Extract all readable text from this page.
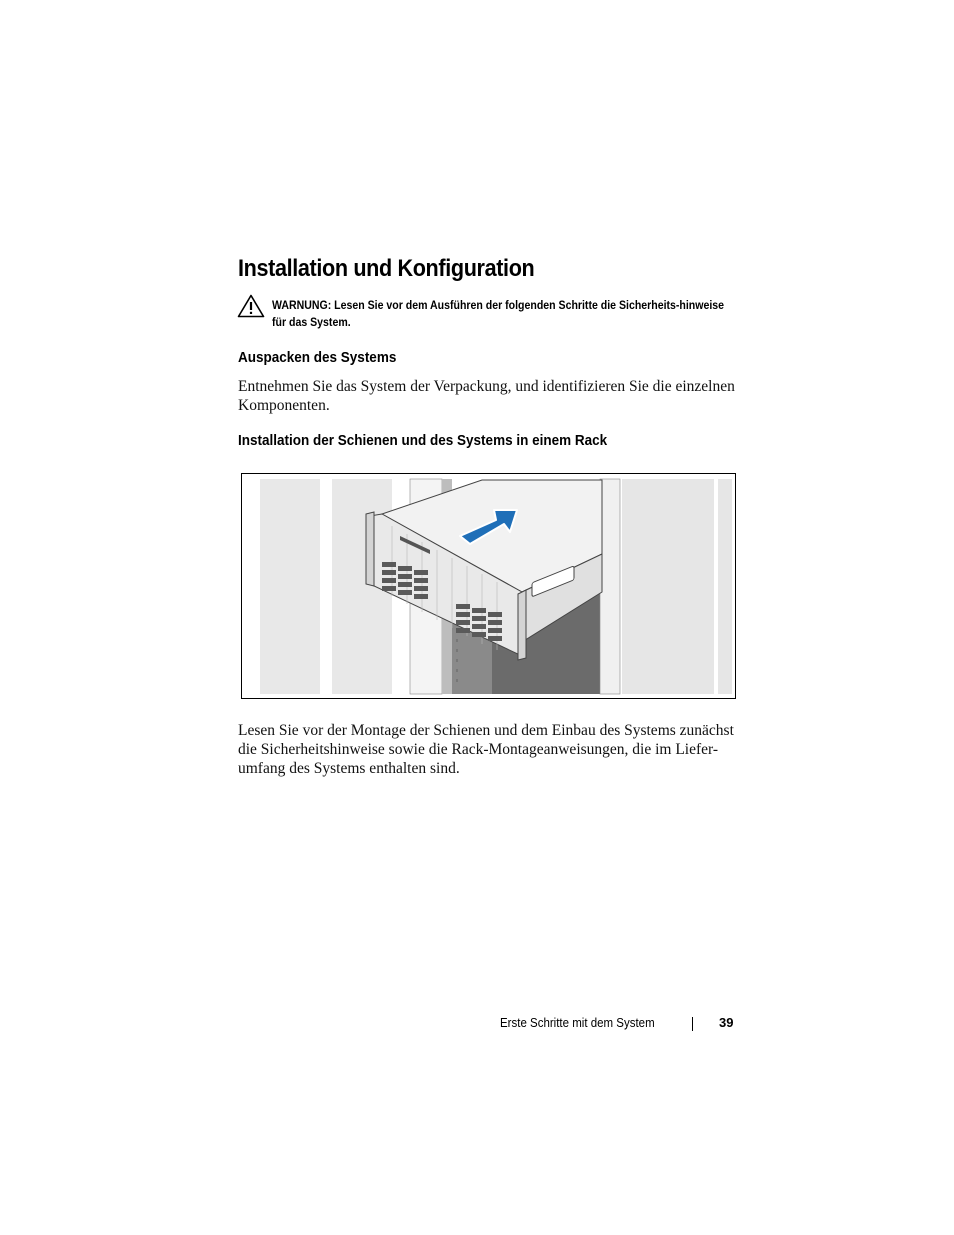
Installation und Konfiguration
WARNUNG: Lesen Sie vor dem Ausführen der folgenden Schritte die Sicherheits-hinweise für das System.
Auspacken des Systems
Entnehmen Sie das System der Verpackung, und identifizieren Sie die einzelnen Komponenten.
Installation der Schienen und des Systems in einem Rack
Lesen Sie vor der Montage der Schienen und dem Einbau des Systems zunächst die Sicherheitshinweise sowie die Rack-Montageanweisungen, die im Liefer-umfang des Systems enthalten sind.
Erste Schritte mit dem System	39
